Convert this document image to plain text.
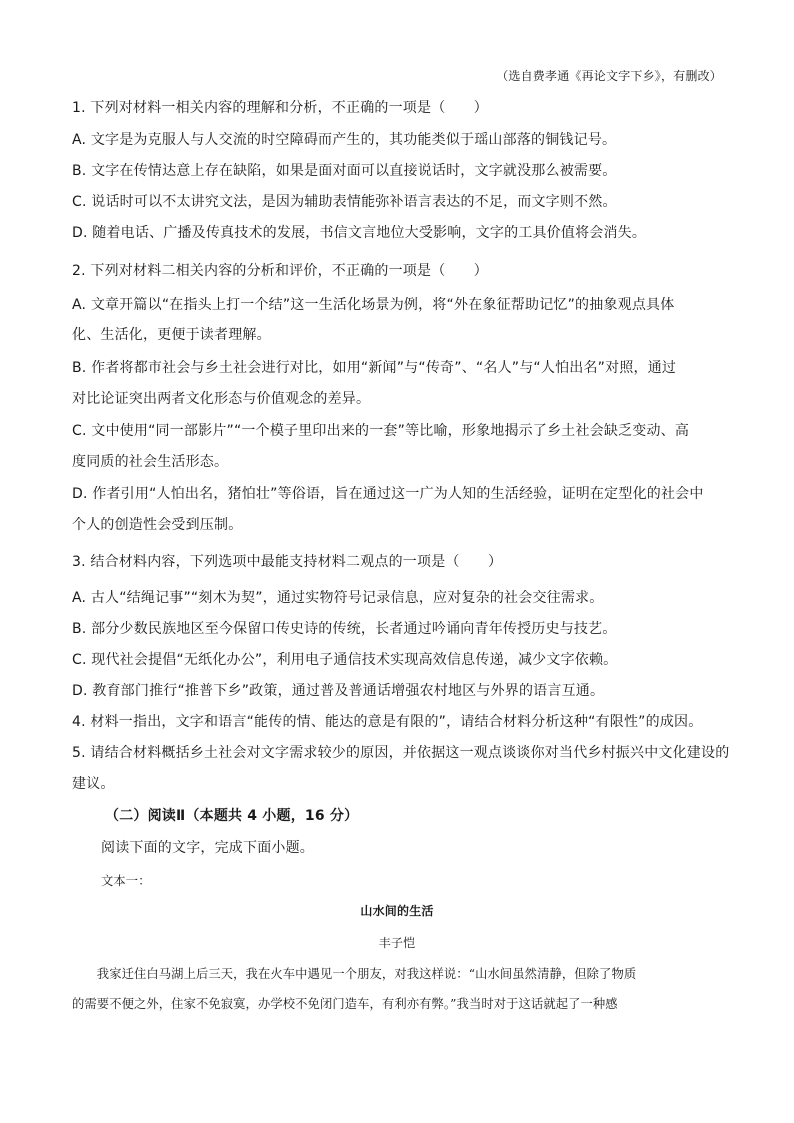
（选自费孝通《再论文字下乡》，有删改）
1. 下列对材料一相关内容的理解和分析，不正确的一项是（　　）
A. 文字是为克服人与人交流的时空障碍而产生的，其功能类似于瑶山部落的铜钱记号。
B. 文字在传情达意上存在缺陷，如果是面对面可以直接说话时，文字就没那么被需要。
C. 说话时可以不太讲究文法，是因为辅助表情能弥补语言表达的不足，而文字则不然。
D. 随着电话、广播及传真技术的发展，书信文言地位大受影响，文字的工具价值将会消失。
2. 下列对材料二相关内容的分析和评价，不正确的一项是（　　）
A. 文章开篇以“在指头上打一个结”这一生活化场景为例，将“外在象征帮助记忆”的抽象观点具体
化、生活化，更便于读者理解。
B. 作者将都市社会与乡土社会进行对比，如用“新闻”与“传奇”、“名人”与“人怕出名”对照，通过
对比论证突出两者文化形态与价值观念的差异。
C. 文中使用“同一部影片”“一个模子里印出来的一套”等比喻，形象地揭示了乡土社会缺乏变动、高
度同质的社会生活形态。
D. 作者引用“人怕出名，猪怕壮”等俗语，旨在通过这一广为人知的生活经验，证明在定型化的社会中
个人的创造性会受到压制。
3. 结合材料内容，下列选项中最能支持材料二观点的一项是（　　）
A. 古人“结绳记事”“刻木为契”，通过实物符号记录信息，应对复杂的社会交往需求。
B. 部分少数民族地区至今保留口传史诗的传统，长者通过吟诵向青年传授历史与技艺。
C. 现代社会提倡“无纸化办公”，利用电子通信技术实现高效信息传递，减少文字依赖。
D. 教育部门推行“推普下乡”政策，通过普及普通话增强农村地区与外界的语言互通。
4. 材料一指出，文字和语言“能传的情、能达的意是有限的”，请结合材料分析这种“有限性”的成因。
5. 请结合材料概括乡土社会对文字需求较少的原因，并依据这一观点谈谈你对当代乡村振兴中文化建设的
建议。
（二）阅读Ⅱ（本题共 4 小题，16 分）
阅读下面的文字，完成下面小题。
文本一：
山水间的生活
丰子恺
　　我家迁住白马湖上后三天，我在火车中遇见一个朋友，对我这样说：“山水间虽然清静，但除了物质
的需要不便之外，住家不免寂寞，办学校不免闭门造车，有利亦有弊。”我当时对于这话就起了一种感
